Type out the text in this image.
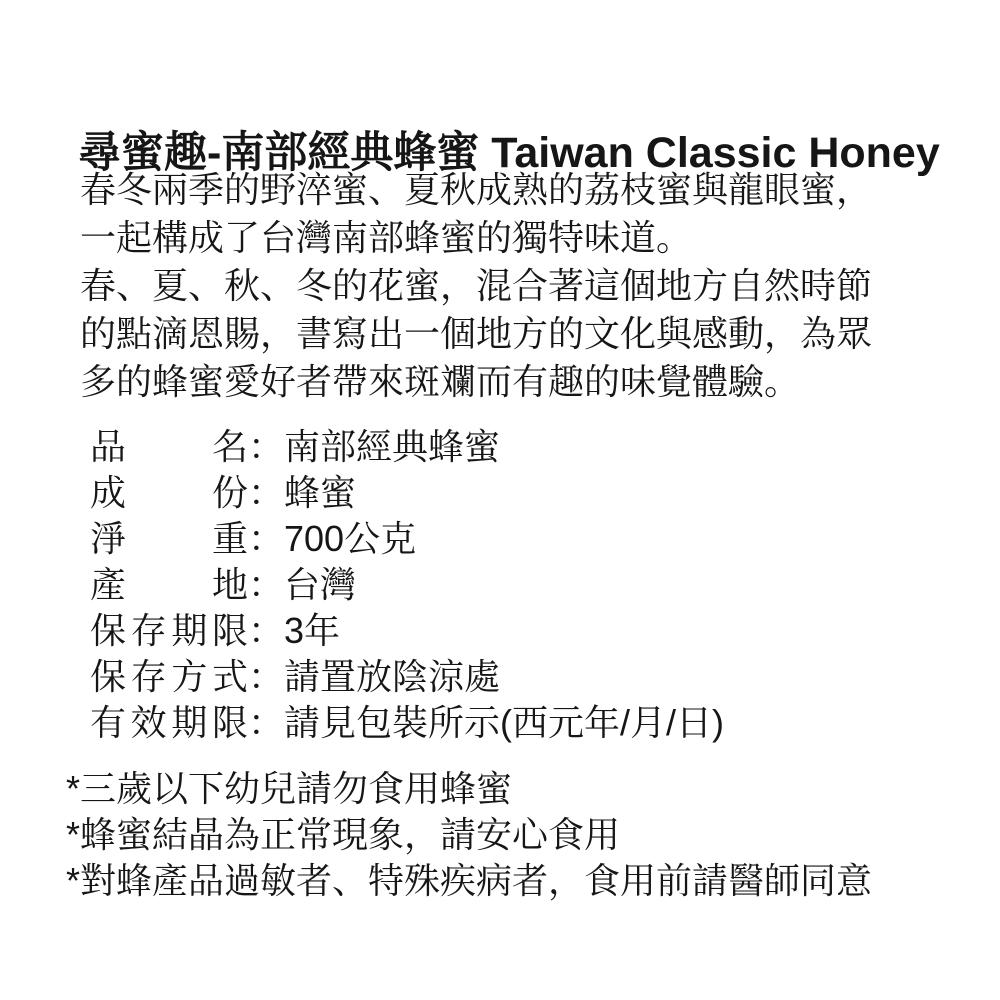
尋蜜趣-南部經典蜂蜜 Taiwan Classic Honey
春冬兩季的野淬蜜、夏秋成熟的荔枝蜜與龍眼蜜，
一起構成了台灣南部蜂蜜的獨特味道。
春、夏、秋、冬的花蜜，混合著這個地方自然時節
的點滴恩賜，書寫出一個地方的文化與感動，為眾
多的蜂蜜愛好者帶來斑斕而有趣的味覺體驗。
品名：南部經典蜂蜜
成份：蜂蜜
淨重：700公克
產地：台灣
保存期限：3年
保存方式：請置放陰涼處
有效期限：請見包裝所示(西元年/月/日)
*三歲以下幼兒請勿食用蜂蜜
*蜂蜜結晶為正常現象，請安心食用
*對蜂產品過敏者、特殊疾病者，食用前請醫師同意
